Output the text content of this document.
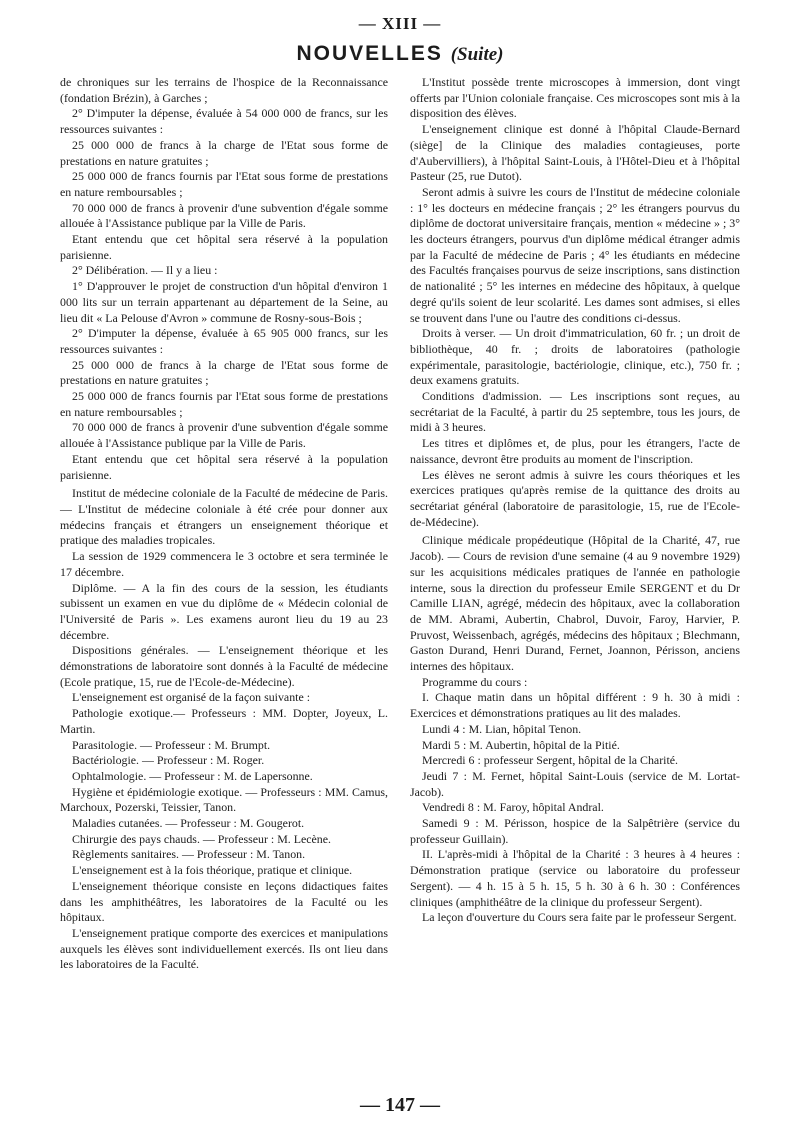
— XIII —
NOUVELLES (Suite)

de chroniques sur les terrains de l'hospice de la Reconnaissance (fondation Brézin), à Garches ;

2° D'imputer la dépense, évaluée à 54 000 000 de francs, sur les ressources suivantes :

25 000 000 de francs à la charge de l'Etat sous forme de prestations en nature gratuites ;

25 000 000 de francs fournis par l'Etat sous forme de prestations en nature remboursables ;

70 000 000 de francs à provenir d'une subvention d'égale somme allouée à l'Assistance publique par la Ville de Paris.

Etant entendu que cet hôpital sera réservé à la population parisienne.

2° Délibération. — Il y a lieu :

1° D'approuver le projet de construction d'un hôpital d'environ 1 000 lits sur un terrain appartenant au département de la Seine, au lieu dit « La Pelouse d'Avron » commune de Rosny-sous-Bois ;

2° D'imputer la dépense, évaluée à 65 905 000 francs, sur les ressources suivantes :

25 000 000 de francs à la charge de l'Etat sous forme de prestations en nature gratuites ;

25 000 000 de francs fournis par l'Etat sous forme de prestations en nature remboursables ;

70 000 000 de francs à provenir d'une subvention d'égale somme allouée à l'Assistance publique par la Ville de Paris.

Etant entendu que cet hôpital sera réservé à la population parisienne.

Institut de médecine coloniale de la Faculté de médecine de Paris. — L'Institut de médecine coloniale à été crée pour donner aux médecins français et étrangers un enseignement théorique et pratique des maladies tropicales.

La session de 1929 commencera le 3 octobre et sera terminée le 17 décembre.

Diplôme. — A la fin des cours de la session, les étudiants subissent un examen en vue du diplôme de « Médecin colonial de l'Université de Paris ». Les examens auront lieu du 19 au 23 décembre.

Dispositions générales. — L'enseignement théorique et les démonstrations de laboratoire sont donnés à la Faculté de médecine (Ecole pratique, 15, rue de l'Ecole-de-Médecine).

L'enseignement est organisé de la façon suivante :

Pathologie exotique.— Professeurs : MM. Dopter, Joyeux, L. Martin.

Parasitologie. — Professeur : M. Brumpt.

Bactériologie. — Professeur : M. Roger.

Ophtalmologie. — Professeur : M. de Lapersonne.

Hygiène et épidémiologie exotique. — Professeurs : MM. Camus, Marchoux, Pozerski, Teissier, Tanon.

Maladies cutanées. — Professeur : M. Gougerot.

Chirurgie des pays chauds. — Professeur : M. Lecène.

Règlements sanitaires. — Professeur : M. Tanon.

L'enseignement est à la fois théorique, pratique et clinique.

L'enseignement théorique consiste en leçons didactiques faites dans les amphithéâtres, les laboratoires de la Faculté ou les hôpitaux.

L'enseignement pratique comporte des exercices et manipulations auxquels les élèves sont individuellement exercés. Ils ont lieu dans les laboratoires de la Faculté.

L'Institut possède trente microscopes à immersion, dont vingt offerts par l'Union coloniale française. Ces microscopes sont mis à la disposition des élèves.

L'enseignement clinique est donné à l'hôpital Claude-Bernard (siège] de la Clinique des maladies contagieuses, porte d'Aubervilliers), à l'hôpital Saint-Louis, à l'Hôtel-Dieu et à l'hôpital Pasteur (25, rue Dutot).

Seront admis à suivre les cours de l'Institut de médecine coloniale : 1° les docteurs en médecine français ; 2° les étrangers pourvus du diplôme de doctorat universitaire français, mention « médecine » ; 3° les docteurs étrangers, pourvus d'un diplôme médical étranger admis par la Faculté de médecine de Paris ; 4° les étudiants en médecine des Facultés françaises pourvus de seize inscriptions, sans distinction de nationalité ; 5° les internes en médecine des hôpitaux, à quelque degré qu'ils soient de leur scolarité. Les dames sont admises, si elles se trouvent dans l'une ou l'autre des conditions ci-dessus.

Droits à verser. — Un droit d'immatriculation, 60 fr. ; un droit de bibliothèque, 40 fr. ; droits de laboratoires (pathologie expérimentale, parasitologie, bactériologie, clinique, etc.), 750 fr. ; deux examens gratuits.

Conditions d'admission. — Les inscriptions sont reçues, au secrétariat de la Faculté, à partir du 25 septembre, tous les jours, de midi à 3 heures.

Les titres et diplômes et, de plus, pour les étrangers, l'acte de naissance, devront être produits au moment de l'inscription.

Les élèves ne seront admis à suivre les cours théoriques et les exercices pratiques qu'après remise de la quittance des droits au secrétariat général (laboratoire de parasitologie, 15, rue de l'Ecole-de-Médecine).

Clinique médicale propédeutique (Hôpital de la Charité, 47, rue Jacob). — Cours de revision d'une semaine (4 au 9 novembre 1929) sur les acquisitions médicales pratiques de l'année en pathologie interne, sous la direction du professeur Emile SERGENT et du Dr Camille LIAN, agrégé, médecin des hôpitaux, avec la collaboration de MM. Abrami, Aubertin, Chabrol, Duvoir, Faroy, Harvier, P. Pruvost, Weissenbach, agrégés, médecins des hôpitaux ; Blechmann, Gaston Durand, Henri Durand, Fernet, Joannon, Périsson, anciens internes des hôpitaux.

Programme du cours :

I. Chaque matin dans un hôpital différent : 9 h. 30 à midi : Exercices et démonstrations pratiques au lit des malades.

Lundi 4 : M. Lian, hôpital Tenon.

Mardi 5 : M. Aubertin, hôpital de la Pitié.

Mercredi 6 : professeur Sergent, hôpital de la Charité.

Jeudi 7 : M. Fernet, hôpital Saint-Louis (service de M. Lortat-Jacob).

Vendredi 8 : M. Faroy, hôpital Andral.

Samedi 9 : M. Périsson, hospice de la Salpêtrière (service du professeur Guillain).

II. L'après-midi à l'hôpital de la Charité : 3 heures à 4 heures : Démonstration pratique (service ou laboratoire du professeur Sergent). — 4 h. 15 à 5 h. 15, 5 h. 30 à 6 h. 30 : Conférences cliniques (amphithéâtre de la clinique du professeur Sergent).

La leçon d'ouverture du Cours sera faite par le professeur Sergent.

— 147 —
